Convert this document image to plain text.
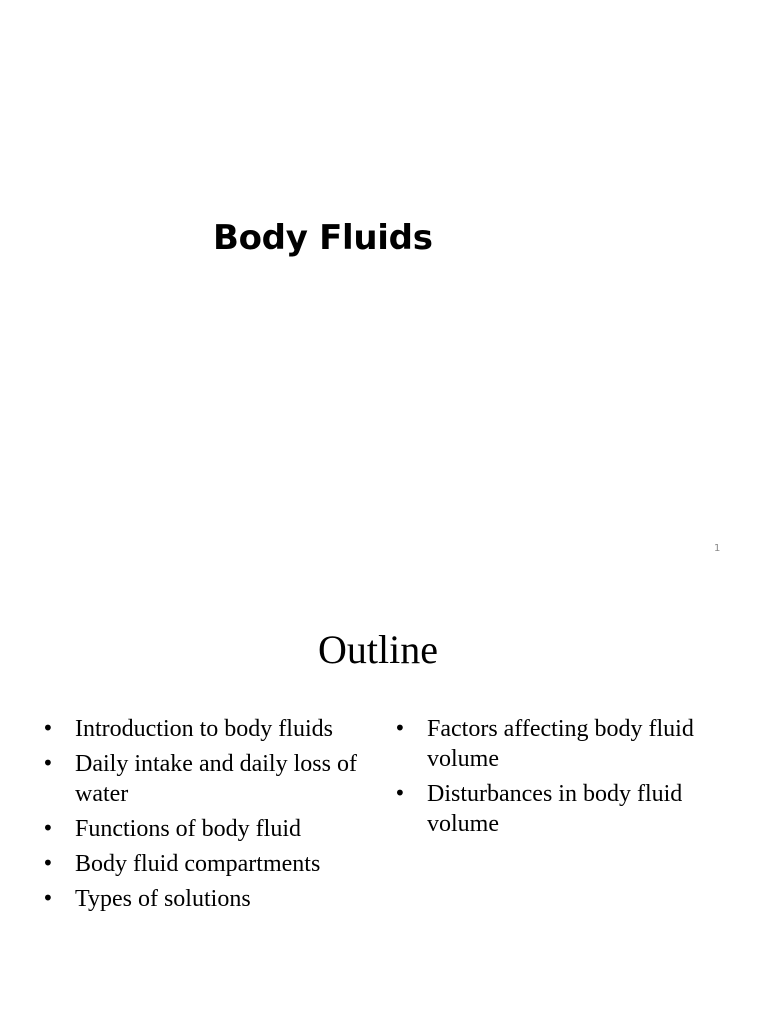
Body Fluids
1
Outline
• Introduction to body fluids
• Daily intake and daily loss of water
• Functions of body fluid
• Body fluid compartments
• Types of solutions
• Factors affecting body fluid volume
• Disturbances in body fluid volume
